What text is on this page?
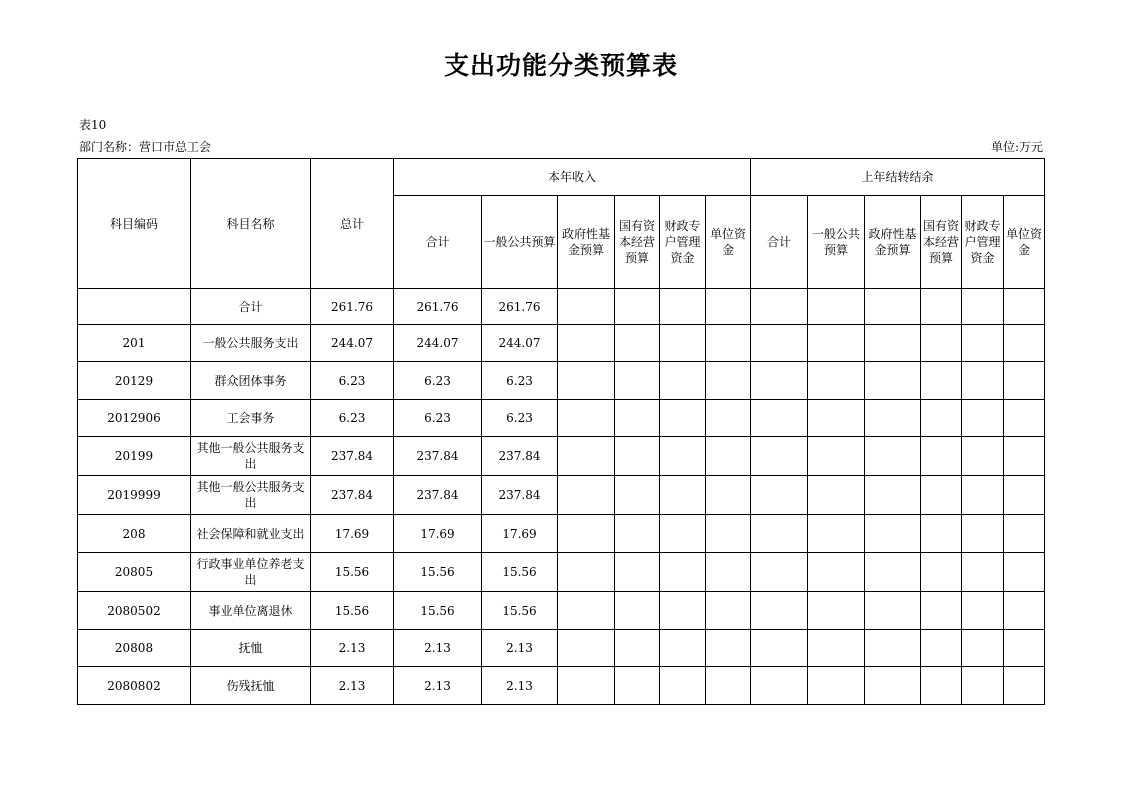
支出功能分类预算表
表10
部门名称：营口市总工会	单位:万元
科目编码	科目名称	总计	本年收入						上年结转结余					
			合计	一般公共预算	政府性基金预算	国有资本经营预算	财政专户管理资金	单位资金	合计	一般公共预算	政府性基金预算	国有资本经营预算	财政专户管理资金	单位资金
	合计	261.76	261.76	261.76										
201	一般公共服务支出	244.07	244.07	244.07										
20129	群众团体事务	6.23	6.23	6.23										
2012906	工会事务	6.23	6.23	6.23										
20199	其他一般公共服务支出	237.84	237.84	237.84										
2019999	其他一般公共服务支出	237.84	237.84	237.84										
208	社会保障和就业支出	17.69	17.69	17.69										
20805	行政事业单位养老支出	15.56	15.56	15.56										
2080502	事业单位离退休	15.56	15.56	15.56										
20808	抚恤	2.13	2.13	2.13										
2080802	伤残抚恤	2.13	2.13	2.13										
